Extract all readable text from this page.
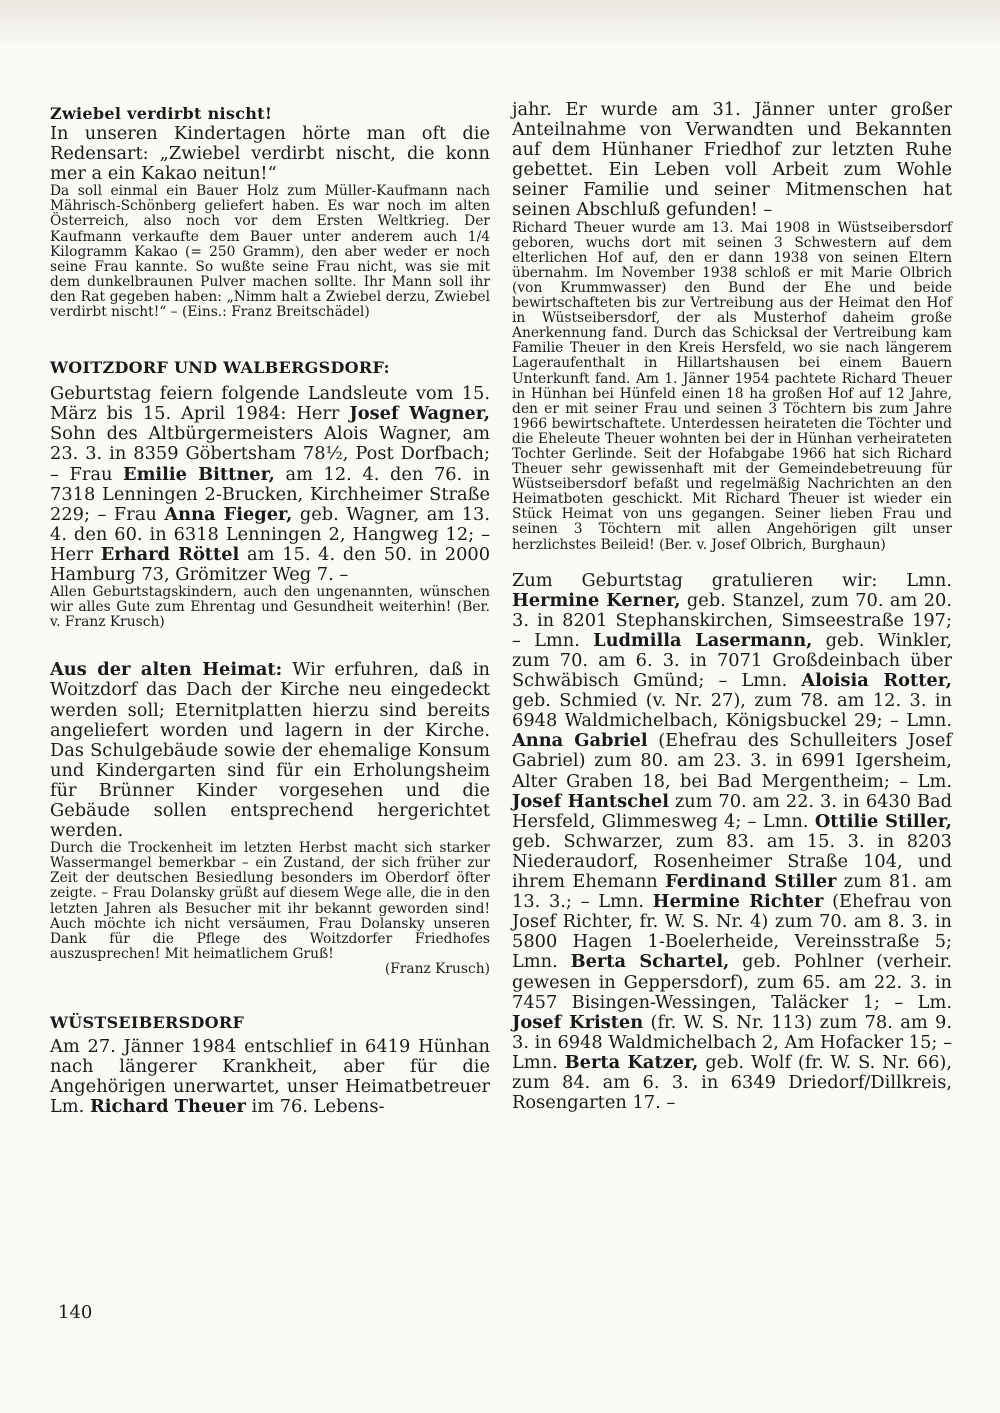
Zwiebel verdirbt nischt!

In unseren Kindertagen hörte man oft die Redensart: „Zwiebel verdirbt nischt, die konn mer a ein Kakao neitun!“

Da soll einmal ein Bauer Holz zum Müller-Kaufmann nach Mährisch-Schönberg geliefert haben. Es war noch im alten Österreich, also noch vor dem Ersten Weltkrieg. Der Kaufmann verkaufte dem Bauer unter anderem auch 1/4 Kilogramm Kakao (= 250 Gramm), den aber weder er noch seine Frau kannte. So wußte seine Frau nicht, was sie mit dem dunkelbraunen Pulver machen sollte. Ihr Mann soll ihr den Rat gegeben haben: „Nimm halt a Zwiebel derzu, Zwiebel verdirbt nischt!“ – (Eins.: Franz Breitschädel)

WOITZDORF UND WALBERGSDORF:

Geburtstag feiern folgende Landsleute vom 15. März bis 15. April 1984: Herr Josef Wagner, Sohn des Altbürgermeisters Alois Wagner, am 23. 3. in 8359 Göbertsham 78½, Post Dorfbach; – Frau Emilie Bittner, am 12. 4. den 76. in 7318 Lenningen 2-Brucken, Kirchheimer Straße 229; – Frau Anna Fieger, geb. Wagner, am 13. 4. den 60. in 6318 Lenningen 2, Hangweg 12; – Herr Erhard Röttel am 15. 4. den 50. in 2000 Hamburg 73, Grömitzer Weg 7. –

Allen Geburtstagskindern, auch den ungenannten, wünschen wir alles Gute zum Ehrentag und Gesundheit weiterhin! (Ber. v. Franz Krusch)

Aus der alten Heimat: Wir erfuhren, daß in Woitzdorf das Dach der Kirche neu eingedeckt werden soll; Eternitplatten hierzu sind bereits angeliefert worden und lagern in der Kirche. Das Schulgebäude sowie der ehemalige Konsum und Kindergarten sind für ein Erholungsheim für Brünner Kinder vorgesehen und die Gebäude sollen entsprechend hergerichtet werden.

Durch die Trockenheit im letzten Herbst macht sich starker Wassermangel bemerkbar – ein Zustand, der sich früher zur Zeit der deutschen Besiedlung besonders im Oberdorf öfter zeigte. – Frau Dolansky grüßt auf diesem Wege alle, die in den letzten Jahren als Besucher mit ihr bekannt geworden sind! Auch möchte ich nicht versäumen, Frau Dolansky unseren Dank für die Pflege des Woitzdorfer Friedhofes auszusprechen! Mit heimatlichem Gruß!

(Franz Krusch)

WÜSTSEIBERSDORF

Am 27. Jänner 1984 entschlief in 6419 Hünhan nach längerer Krankheit, aber für die Angehörigen unerwartet, unser Heimatbetreuer Lm. Richard Theuer im 76. Lebens-

jahr. Er wurde am 31. Jänner unter großer Anteilnahme von Verwandten und Bekannten auf dem Hünhaner Friedhof zur letzten Ruhe gebettet. Ein Leben voll Arbeit zum Wohle seiner Familie und seiner Mitmenschen hat seinen Abschluß gefunden! –

Richard Theuer wurde am 13. Mai 1908 in Wüstseibersdorf geboren, wuchs dort mit seinen 3 Schwestern auf dem elterlichen Hof auf, den er dann 1938 von seinen Eltern übernahm. Im November 1938 schloß er mit Marie Olbrich (von Krummwasser) den Bund der Ehe und beide bewirtschafteten bis zur Vertreibung aus der Heimat den Hof in Wüstseibersdorf, der als Musterhof daheim große Anerkennung fand. Durch das Schicksal der Vertreibung kam Familie Theuer in den Kreis Hersfeld, wo sie nach längerem Lageraufenthalt in Hillartshausen bei einem Bauern Unterkunft fand. Am 1. Jänner 1954 pachtete Richard Theuer in Hünhan bei Hünfeld einen 18 ha großen Hof auf 12 Jahre, den er mit seiner Frau und seinen 3 Töchtern bis zum Jahre 1966 bewirtschaftete. Unterdessen heirateten die Töchter und die Eheleute Theuer wohnten bei der in Hünhan verheirateten Tochter Gerlinde. Seit der Hofabgabe 1966 hat sich Richard Theuer sehr gewissenhaft mit der Gemeindebetreuung für Wüstseibersdorf befaßt und regelmäßig Nachrichten an den Heimatboten geschickt. Mit Richard Theuer ist wieder ein Stück Heimat von uns gegangen. Seiner lieben Frau und seinen 3 Töchtern mit allen Angehörigen gilt unser herzlichstes Beileid! (Ber. v. Josef Olbrich, Burghaun)

Zum Geburtstag gratulieren wir: Lmn. Hermine Kerner, geb. Stanzel, zum 70. am 20. 3. in 8201 Stephanskirchen, Simseestraße 197; – Lmn. Ludmilla Lasermann, geb. Winkler, zum 70. am 6. 3. in 7071 Großdeinbach über Schwäbisch Gmünd; – Lmn. Aloisia Rotter, geb. Schmied (v. Nr. 27), zum 78. am 12. 3. in 6948 Waldmichelbach, Königsbuckel 29; – Lmn. Anna Gabriel (Ehefrau des Schulleiters Josef Gabriel) zum 80. am 23. 3. in 6991 Igersheim, Alter Graben 18, bei Bad Mergentheim; – Lm. Josef Hantschel zum 70. am 22. 3. in 6430 Bad Hersfeld, Glimmesweg 4; – Lmn. Ottilie Stiller, geb. Schwarzer, zum 83. am 15. 3. in 8203 Niederaudorf, Rosenheimer Straße 104, und ihrem Ehemann Ferdinand Stiller zum 81. am 13. 3.; – Lmn. Hermine Richter (Ehefrau von Josef Richter, fr. W. S. Nr. 4) zum 70. am 8. 3. in 5800 Hagen 1-Boelerheide, Vereinsstraße 5; Lmn. Berta Schartel, geb. Pohlner (verheir. gewesen in Geppersdorf), zum 65. am 22. 3. in 7457 Bisingen-Wessingen, Taläcker 1; – Lm. Josef Kristen (fr. W. S. Nr. 113) zum 78. am 9. 3. in 6948 Waldmichelbach 2, Am Hofacker 15; – Lmn. Berta Katzer, geb. Wolf (fr. W. S. Nr. 66), zum 84. am 6. 3. in 6349 Driedorf/Dillkreis, Rosengarten 17. –

140
